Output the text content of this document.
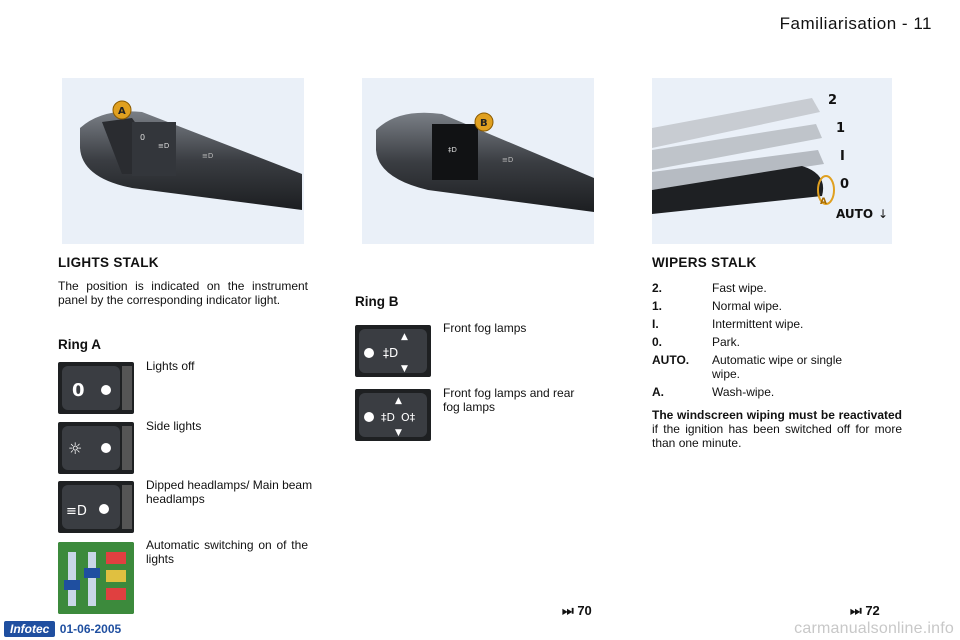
Familiarisation - 11
0
≡D
≡D
A
‡D
≡D
B
2
1
I
0
A
AUTO ↓
LIGHTS STALK
The position is indicated on the instrument panel by the corresponding indicator light.
Ring A
0
Lights off
☼
Side lights
≡D
Dipped headlamps/ Main beam headlamps
Automatic switching on of the lights
Ring B
‡D
▲
▼
Front fog lamps
‡D O‡
▲
▼
Front fog lamps and rear fog lamps
WIPERS STALK
2.	Fast wipe.
1.	Normal wipe.
I.	Intermittent wipe.
0.	Park.
AUTO.	Automatic wipe or single wipe.
A.	Wash-wipe.
The windscreen wiping must be reactivated if the ignition has been switched off for more than one minute.
⏭ 70	⏭ 72
Infotec 01-06-2005	carmanualsonline.info
